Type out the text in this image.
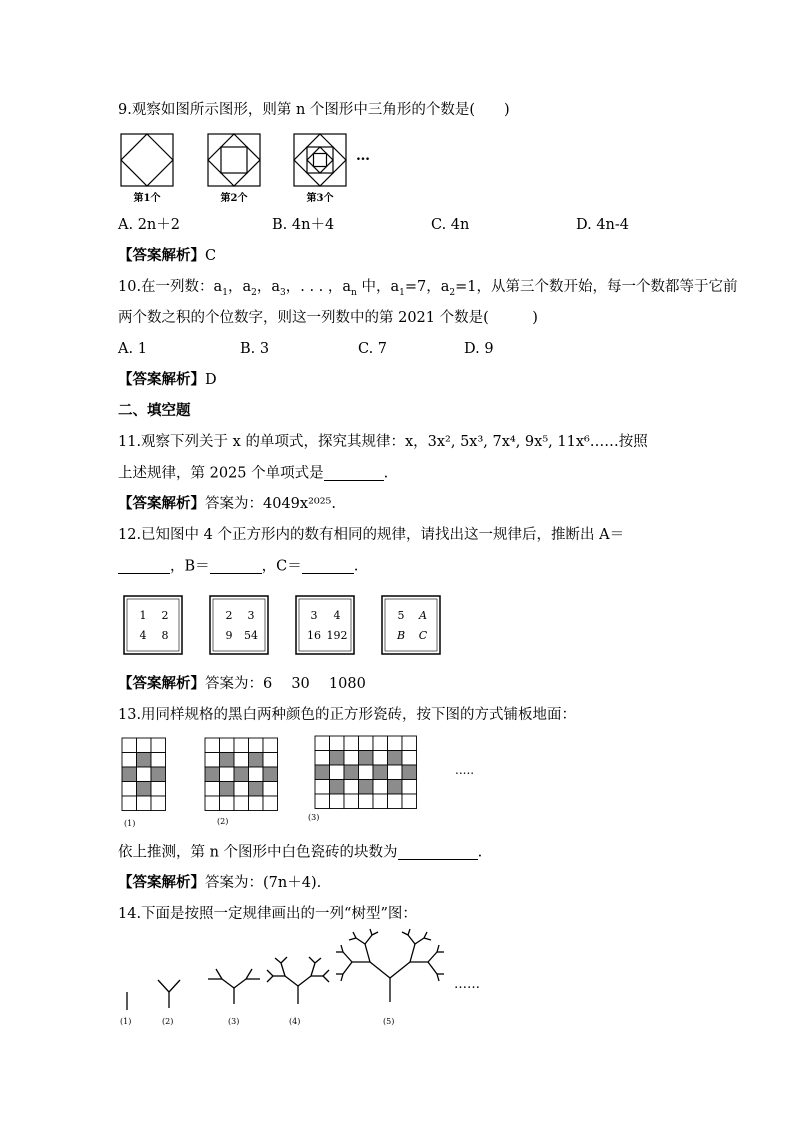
9.观察如图所示图形，则第 n 个图形中三角形的个数是(　　)
第1个	第2个	第3个
…
A. 2n＋2	B. 4n＋4	C. 4n	D. 4n-4
【答案解析】C
10.在一列数：$a_1$，$a_2$，$a_3$，. . . ，$a_n$ 中，$a_1=7$，$a_2=1$，从第三个数开始，每一个数都等于它前
两个数之积的个位数字，则这一列数中的第 2021 个数是(　　　)
A. 1	B. 3	C. 7	D. 9
【答案解析】D
二、填空题
11.观察下列关于 x 的单项式，探究其规律：x，3x², 5x³, 7x⁴, 9x⁵, 11x⁶……按照
上述规律，第 2025 个单项式是	.
【答案解析】答案为：4049x²⁰²⁵.
12.已知图中 4 个正方形内的数有相同的规律，请找出这一规律后，推断出 A＝
，B＝	，C＝	.
1 2
4 8
2 3
9 54
3 4
16 192
5 A
B C
【答案解析】答案为：6　 30　 1080
13.用同样规格的黑白两种颜色的正方形瓷砖，按下图的方式铺板地面：
(1)	(2)	(3)
.....
依上推测，第 n 个图形中白色瓷砖的块数为	.
【答案解析】答案为：(7n＋4).
14.下面是按照一定规律画出的一列“树型”图：
(1)	(2)	(3)	(4)	(5)
……
